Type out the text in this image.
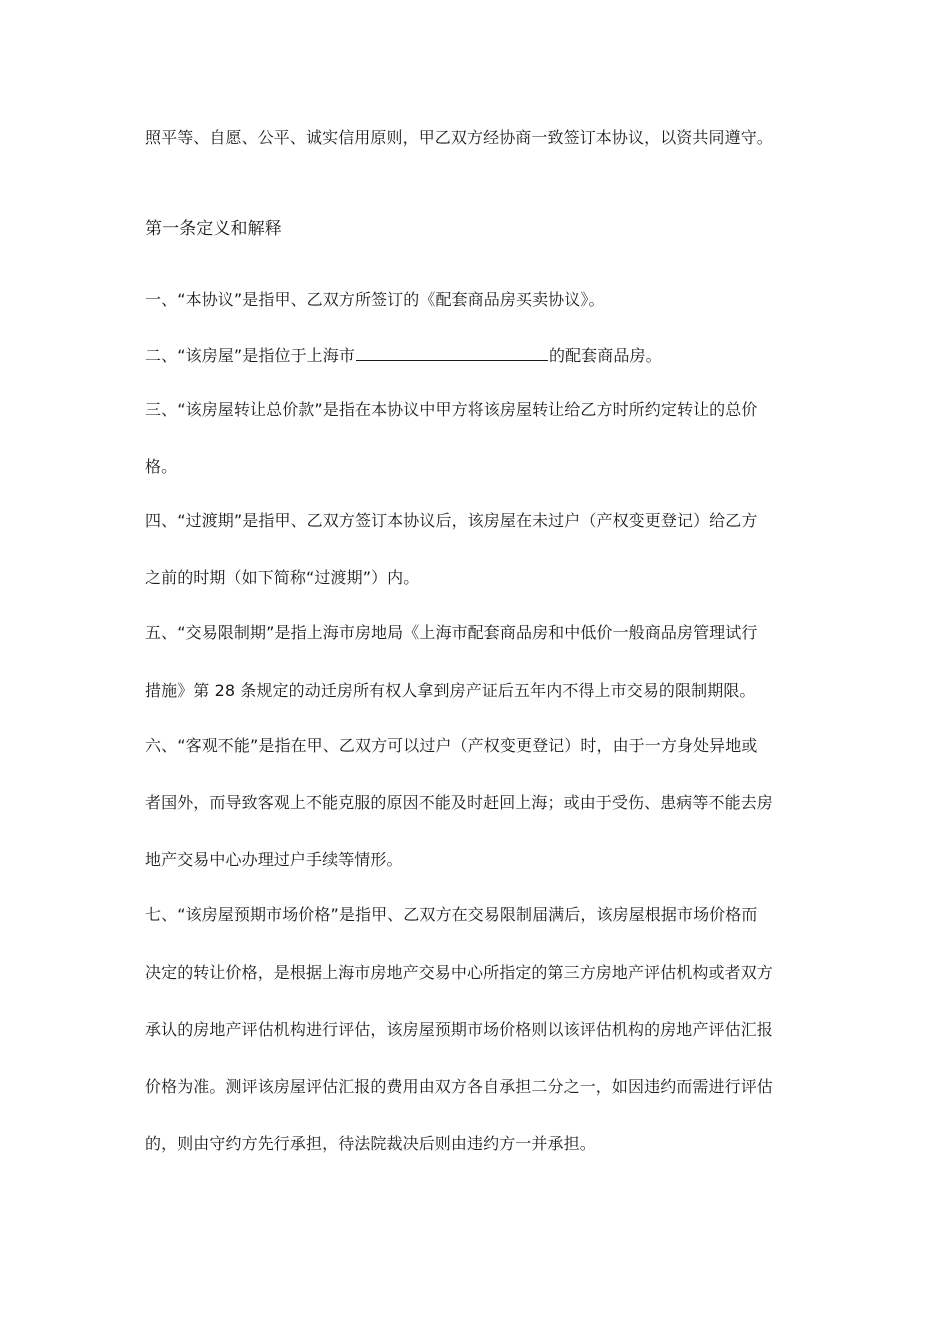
照平等、自愿、公平、诚实信用原则，甲乙双方经协商一致签订本协议，以资共同遵守。
第一条定义和解释
一、“本协议”是指甲、乙双方所签订的《配套商品房买卖协议》。
二、“该房屋”是指位于上海市	的配套商品房。
三、“该房屋转让总价款”是指在本协议中甲方将该房屋转让给乙方时所约定转让的总价
格。
四、“过渡期”是指甲、乙双方签订本协议后，该房屋在未过户（产权变更登记）给乙方
之前的时期（如下简称“过渡期”）内。
五、“交易限制期”是指上海市房地局《上海市配套商品房和中低价一般商品房管理试行
措施》第 28 条规定的动迁房所有权人拿到房产证后五年内不得上市交易的限制期限。
六、“客观不能”是指在甲、乙双方可以过户（产权变更登记）时，由于一方身处异地或
者国外，而导致客观上不能克服的原因不能及时赶回上海；或由于受伤、患病等不能去房
地产交易中心办理过户手续等情形。
七、“该房屋预期市场价格”是指甲、乙双方在交易限制届满后，该房屋根据市场价格而
决定的转让价格，是根据上海市房地产交易中心所指定的第三方房地产评估机构或者双方
承认的房地产评估机构进行评估，该房屋预期市场价格则以该评估机构的房地产评估汇报
价格为准。测评该房屋评估汇报的费用由双方各自承担二分之一，如因违约而需进行评估
的，则由守约方先行承担，待法院裁决后则由违约方一并承担。
